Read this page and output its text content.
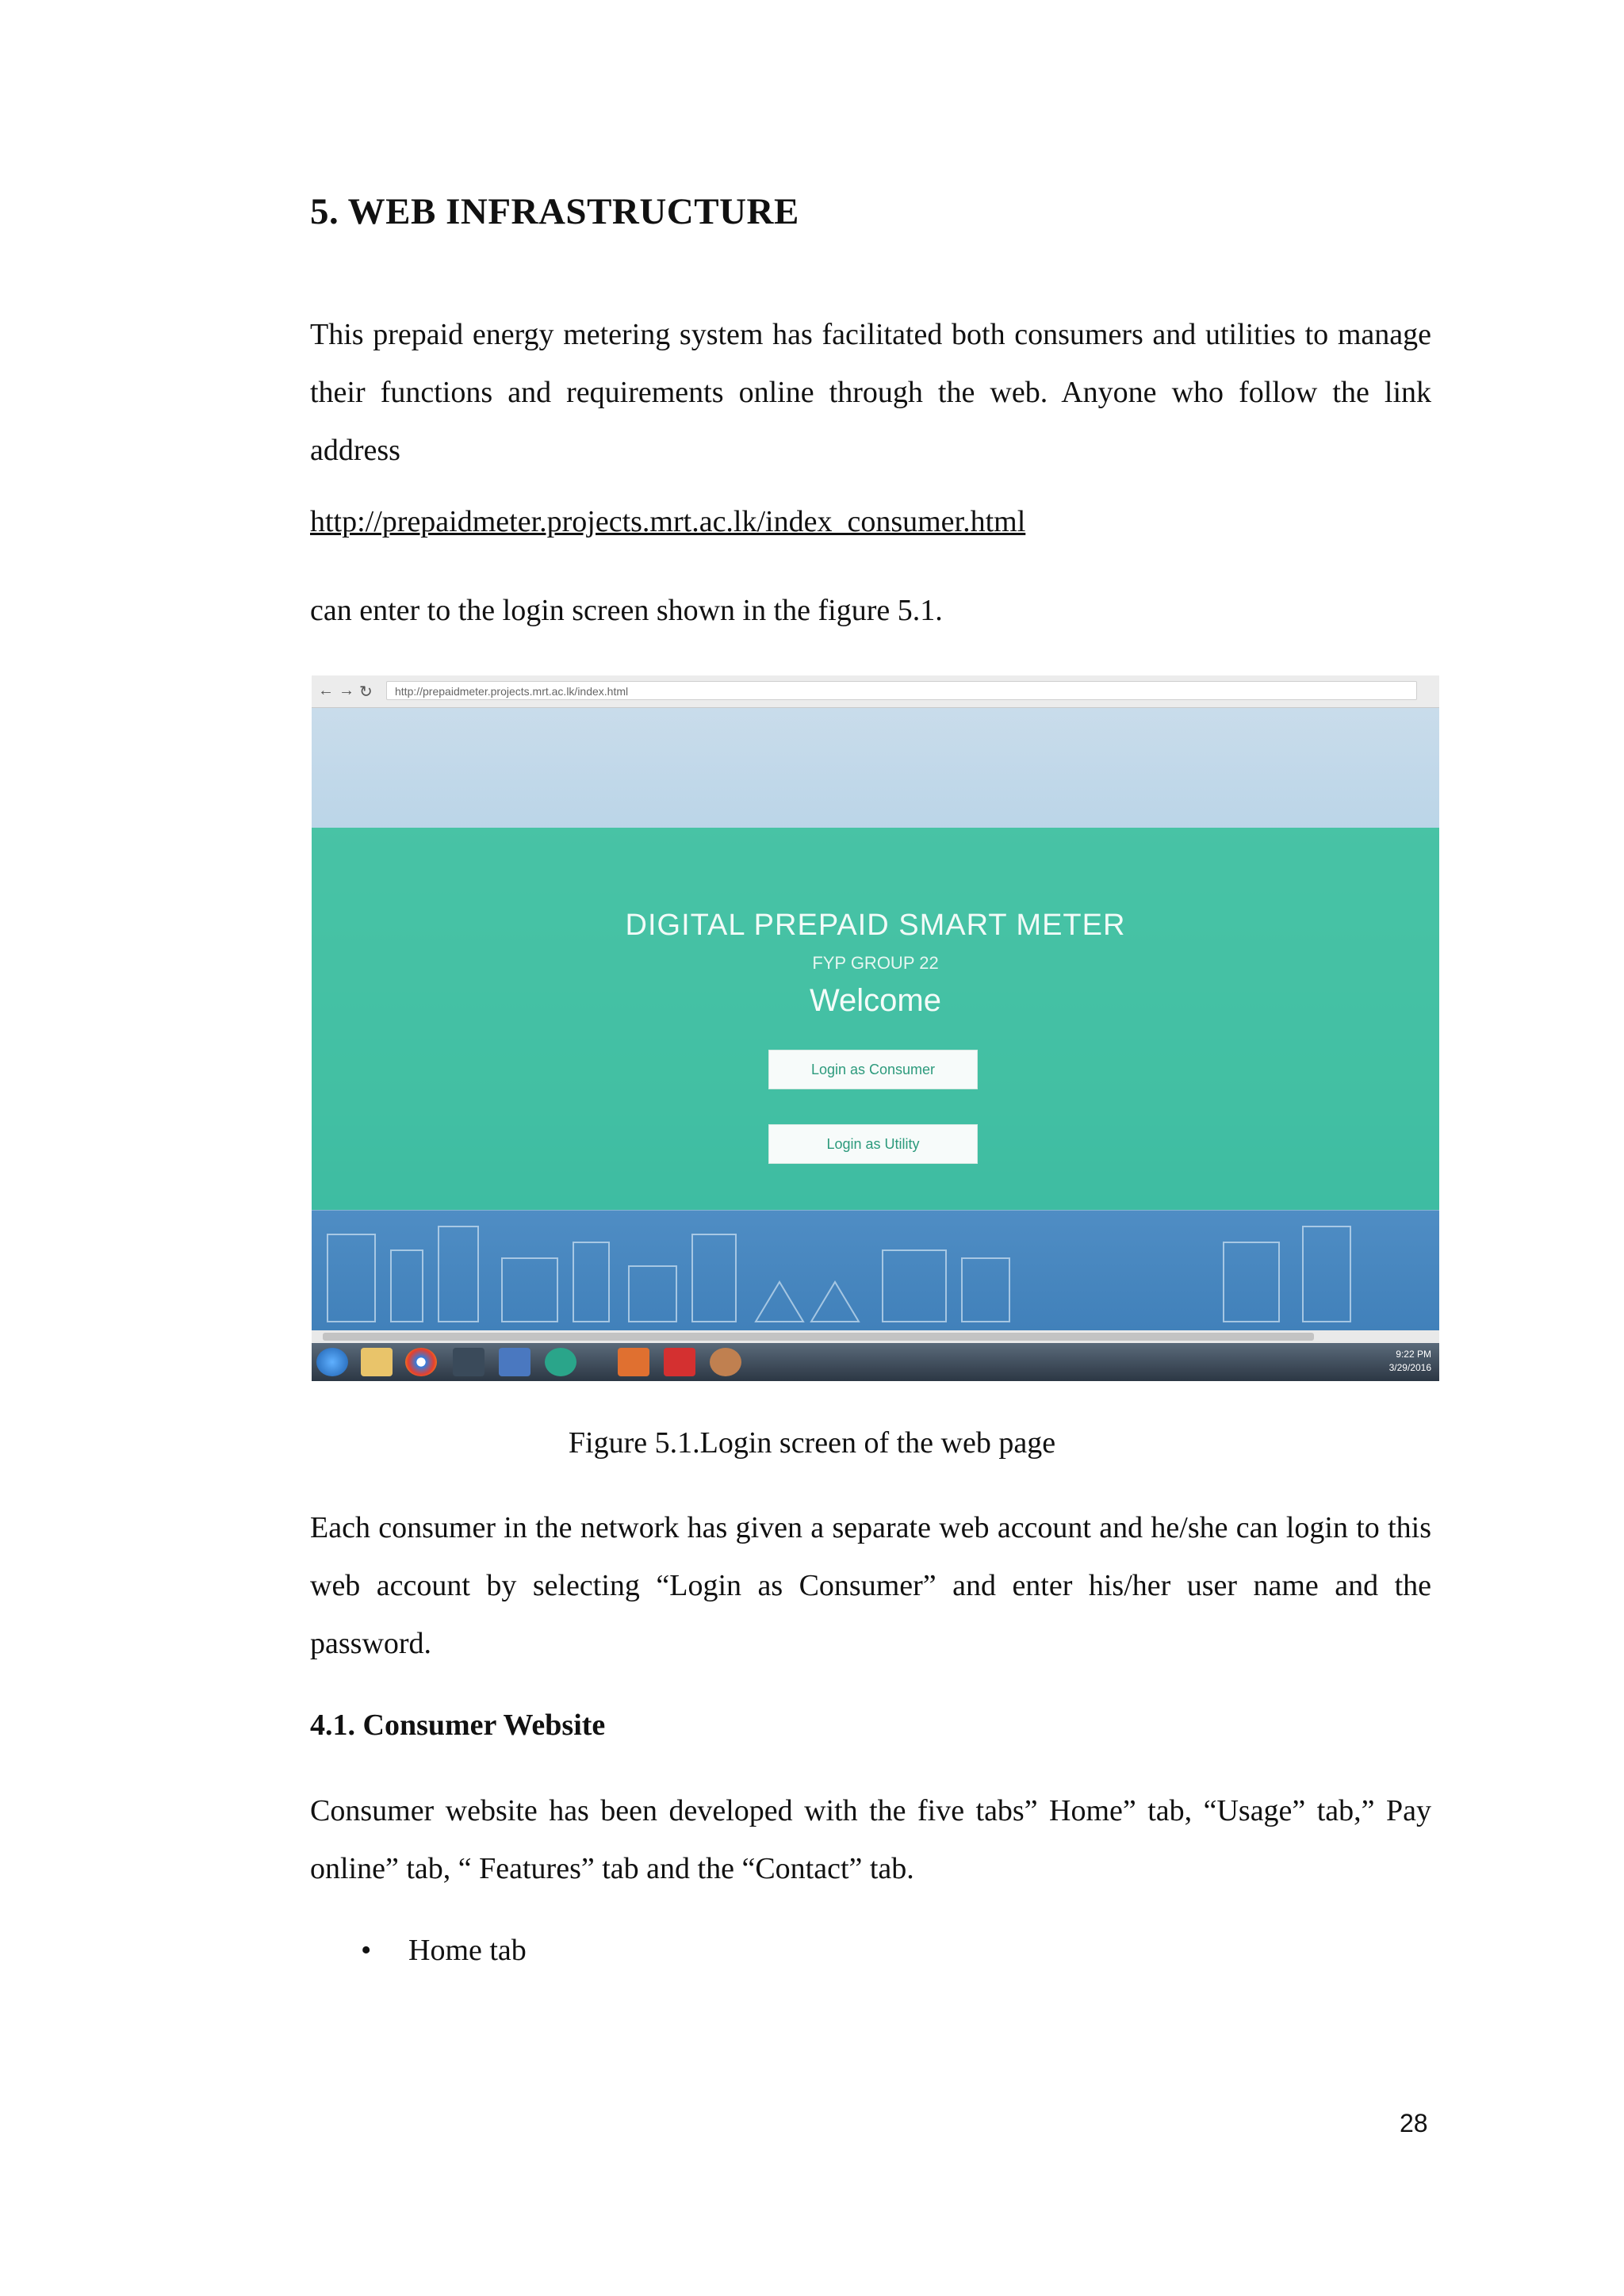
5. WEB INFRASTRUCTURE

This prepaid energy metering system has facilitated both consumers and utilities to manage their functions and requirements online through the web. Anyone who follow the link address

http://prepaidmeter.projects.mrt.ac.lk/index_consumer.html

can enter to the login screen shown in the figure 5.1.

← → ↻	http://prepaidmeter.projects.mrt.ac.lk/index.html
DIGITAL PREPAID SMART METER
FYP GROUP 22
Welcome
Login as Consumer
Login as Utility
9:22 PM
3/29/2016
Figure 5.1.Login screen of the web page

Each consumer in the network has given a separate web account and he/she can login to this web account by selecting “Login as Consumer” and enter his/her user name and the password.

4.1. Consumer Website

Consumer website has been developed with the five tabs” Home” tab, “Usage” tab,” Pay online” tab, “ Features” tab and the “Contact” tab.

• Home tab
28
